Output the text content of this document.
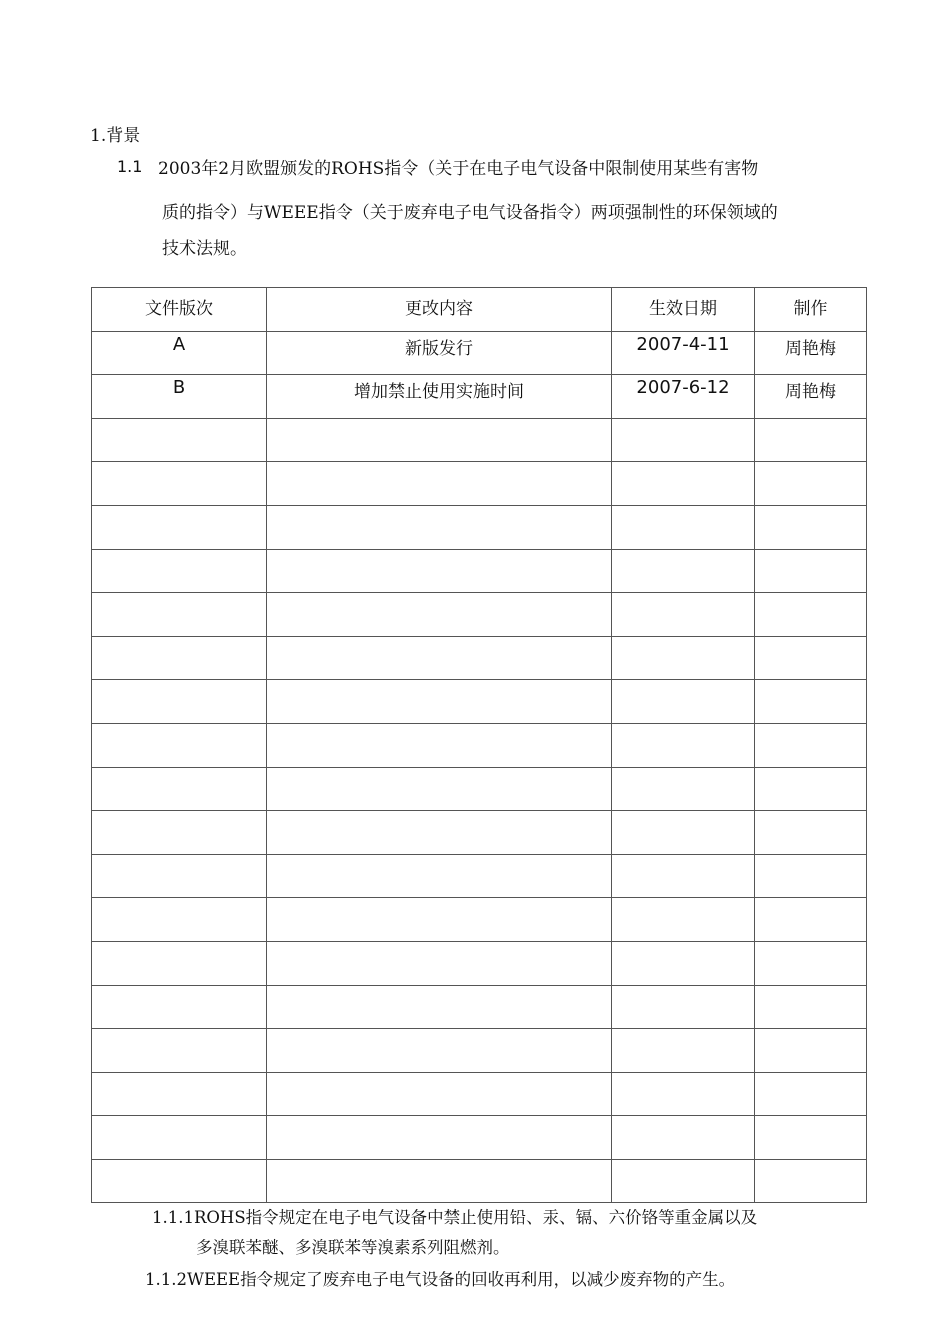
1.背景
1.1 2003年2月欧盟颁发的ROHS指令（关于在电子电气设备中限制使用某些有害物
质的指令）与WEEE指令（关于废弃电子电气设备指令）两项强制性的环保领域的
技术法规。
文件版次	更改内容	生效日期	制作
A	新版发行	2007-4-11	周艳梅
B	增加禁止使用实施时间	2007-6-12	周艳梅

1.1.1ROHS指令规定在电子电气设备中禁止使用铅、汞、镉、六价铬等重金属以及
多溴联苯醚、多溴联苯等溴素系列阻燃剂。
1.1.2WEEE指令规定了废弃电子电气设备的回收再利用，以减少废弃物的产生。
